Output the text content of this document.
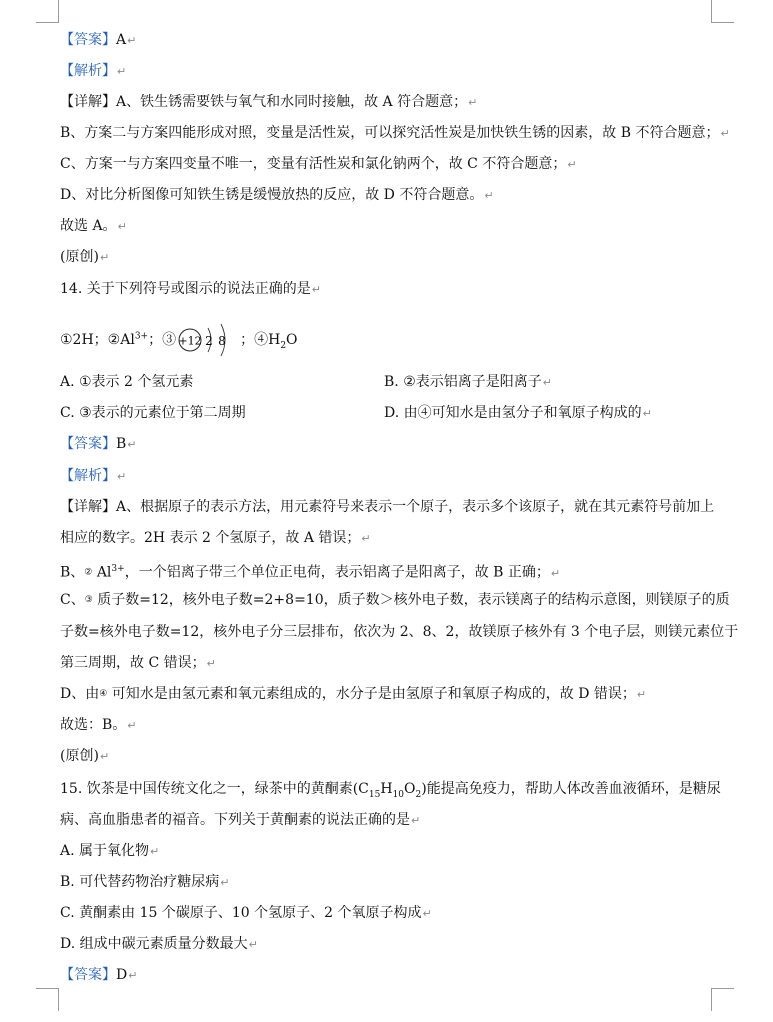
【答案】A↵
【解析】↵
【详解】A、铁生锈需要铁与氧气和水同时接触，故 A 符合题意；↵
B、方案二与方案四能形成对照，变量是活性炭，可以探究活性炭是加快铁生锈的因素，故 B 不符合题意；↵
C、方案一与方案四变量不唯一，变量有活性炭和氯化钠两个，故 C 不符合题意；↵
D、对比分析图像可知铁生锈是缓慢放热的反应，故 D 不符合题意。↵
故选 A。↵
(原创)↵
14. 关于下列符号或图示的说法正确的是↵
①2H；$②Al^{3+}$；③ +12 2 8 ；$④H_2O$
A. ①表示 2 个氢元素	B. ②表示铝离子是阳离子↵
C. ③表示的元素位于第二周期	D. 由④可知水是由氢分子和氧原子构成的↵
【答案】B↵
【解析】↵
【详解】A、根据原子的表示方法，用元素符号来表示一个原子，表示多个该原子，就在其元素符号前加上
相应的数字。2H 表示 2 个氢原子，故 A 错误；↵
B、② $Al^{3+}$，一个铝离子带三个单位正电荷，表示铝离子是阳离子，故 B 正确；↵
C、③ 质子数=12，核外电子数=2+8=10，质子数＞核外电子数，表示镁离子的结构示意图，则镁原子的质
子数=核外电子数=12，核外电子分三层排布，依次为 2、8、2，故镁原子核外有 3 个电子层，则镁元素位于
第三周期，故 C 错误；↵
D、由④ 可知水是由氢元素和氧元素组成的，水分子是由氢原子和氧原子构成的，故 D 错误；↵
故选：B。↵
(原创)↵
15. 饮茶是中国传统文化之一，绿茶中的黄酮素$(C_{15}H_{10}O_2)$能提高免疫力，帮助人体改善血液循环，是糖尿
病、高血脂患者的福音。下列关于黄酮素的说法正确的是↵
A. 属于氧化物↵
B. 可代替药物治疗糖尿病↵
C. 黄酮素由 15 个碳原子、10 个氢原子、2 个氧原子构成↵
D. 组成中碳元素质量分数最大↵
【答案】D↵
